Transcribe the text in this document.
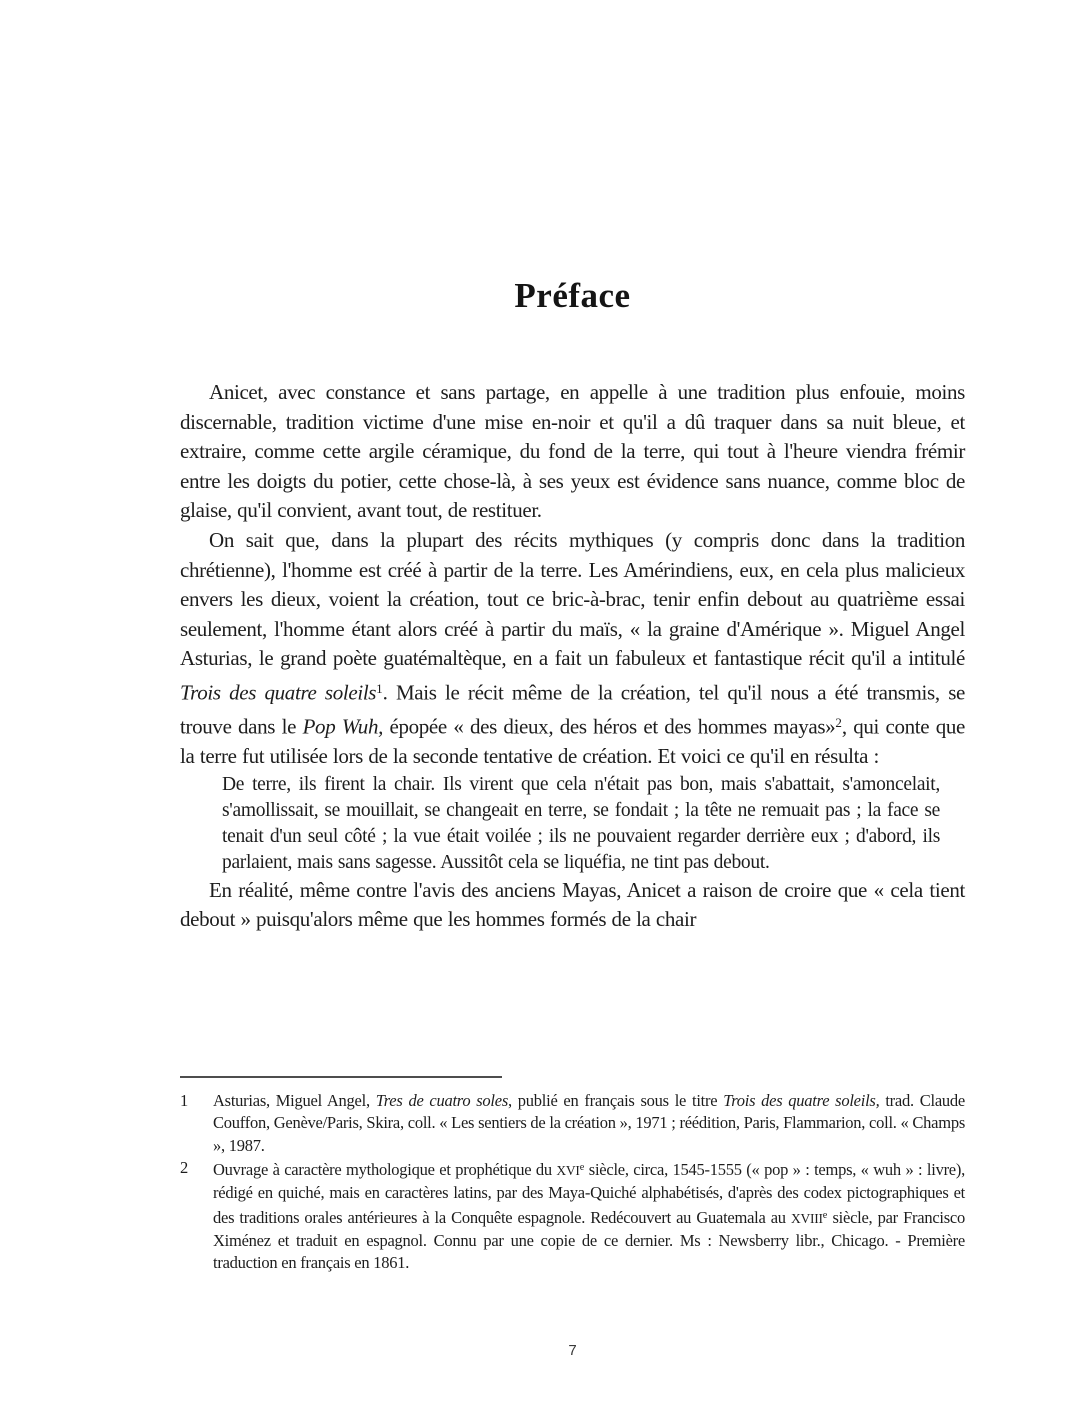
Préface

Anicet, avec constance et sans partage, en appelle à une tradition plus enfouie, moins discernable, tradition victime d'une mise en-noir et qu'il a dû traquer dans sa nuit bleue, et extraire, comme cette argile céramique, du fond de la terre, qui tout à l'heure viendra frémir entre les doigts du potier, cette chose-là, à ses yeux est évidence sans nuance, comme bloc de glaise, qu'il convient, avant tout, de restituer.

On sait que, dans la plupart des récits mythiques (y compris donc dans la tradition chrétienne), l'homme est créé à partir de la terre. Les Amérindiens, eux, en cela plus malicieux envers les dieux, voient la création, tout ce bric-à-brac, tenir enfin debout au quatrième essai seulement, l'homme étant alors créé à partir du maïs, « la graine d'Amérique ». Miguel Angel Asturias, le grand poète guatémaltèque, en a fait un fabuleux et fantastique récit qu'il a intitulé Trois des quatre soleils$^1$. Mais le récit même de la création, tel qu'il nous a été transmis, se trouve dans le Pop Wuh, épopée « des dieux, des héros et des hommes mayas»$^2$, qui conte que la terre fut utilisée lors de la seconde tentative de création. Et voici ce qu'il en résulta :

De terre, ils firent la chair. Ils virent que cela n'était pas bon, mais s'abattait, s'amoncelait, s'amollissait, se mouillait, se changeait en terre, se fondait ; la tête ne remuait pas ; la face se tenait d'un seul côté ; la vue était voilée ; ils ne pouvaient regarder derrière eux ; d'abord, ils parlaient, mais sans sagesse. Aussitôt cela se liquéfia, ne tint pas debout.

En réalité, même contre l'avis des anciens Mayas, Anicet a raison de croire que « cela tient debout » puisqu'alors même que les hommes formés de la chair

1	Asturias, Miguel Angel, Tres de cuatro soles, publié en français sous le titre Trois des quatre soleils, trad. Claude Couffon, Genève/Paris, Skira, coll. « Les sentiers de la création », 1971 ; réédition, Paris, Flammarion, coll. « Champs », 1987.
2	Ouvrage à caractère mythologique et prophétique du XVIe siècle, circa, 1545-1555 (« pop » : temps, « wuh » : livre), rédigé en quiché, mais en caractères latins, par des Maya-Quiché alphabétisés, d'après des codex pictographiques et des traditions orales antérieures à la Conquête espagnole. Redécouvert au Guatemala au XVIIIe siècle, par Francisco Ximénez et traduit en espagnol. Connu par une copie de ce dernier. Ms : Newsberry libr., Chicago. - Première traduction en français en 1861.
7
